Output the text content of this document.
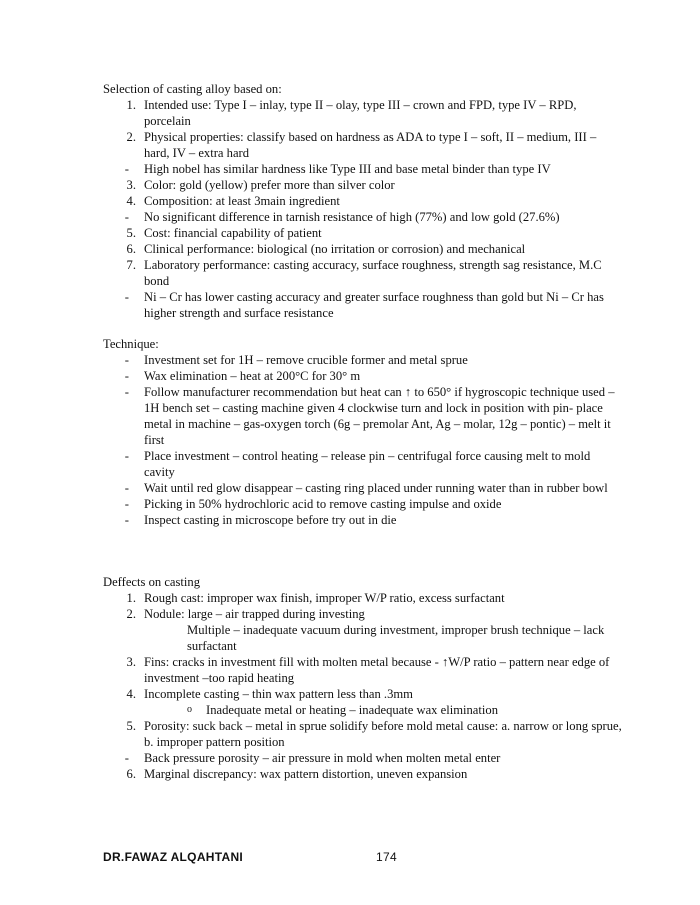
Selection of casting alloy based on:
1. Intended use: Type I – inlay, type II – olay, type III – crown and FPD, type IV – RPD, porcelain
2. Physical properties: classify based on hardness as ADA to type I – soft, II – medium, III – hard, IV – extra hard
- High nobel has similar hardness like Type III and base metal binder than type IV
3. Color: gold (yellow) prefer more than silver color
4. Composition: at least 3main ingredient
- No significant difference in tarnish resistance of high (77%) and low gold (27.6%)
5. Cost: financial capability of patient
6. Clinical performance: biological (no irritation or corrosion) and mechanical
7. Laboratory performance: casting accuracy, surface roughness, strength sag resistance, M.C bond
- Ni – Cr has lower casting accuracy and greater surface roughness than gold but Ni – Cr has higher strength and surface resistance
Technique:
- Investment set for 1H – remove crucible former and metal sprue
- Wax elimination – heat at 200°C for 30° m
- Follow manufacturer recommendation but heat can ↑ to 650° if hygroscopic technique used – 1H bench set – casting machine given 4 clockwise turn and lock in position with pin- place metal in machine – gas-oxygen torch (6g – premolar Ant, Ag – molar, 12g – pontic) – melt it first
- Place investment – control heating – release pin – centrifugal force causing melt to mold cavity
- Wait until red glow disappear – casting ring placed under running water than in rubber bowl
- Picking in 50% hydrochloric acid to remove casting impulse and oxide
- Inspect casting in microscope before try out in die
Deffects on casting
1. Rough cast: improper wax finish, improper W/P ratio, excess surfactant
2. Nodule: large – air trapped during investing
Multiple – inadequate vacuum during investment, improper brush technique – lack surfactant
3. Fins: cracks in investment fill with molten metal because - ↑W/P ratio – pattern near edge of investment –too rapid heating
4. Incomplete casting – thin wax pattern less than .3mm
o	Inadequate metal or heating – inadequate wax elimination
5. Porosity: suck back – metal in sprue solidify before mold metal cause: a. narrow or long sprue, b. improper pattern position
- Back pressure porosity – air pressure in mold when molten metal enter
6. Marginal discrepancy: wax pattern distortion, uneven expansion
DR.FAWAZ ALQAHTANI	174
